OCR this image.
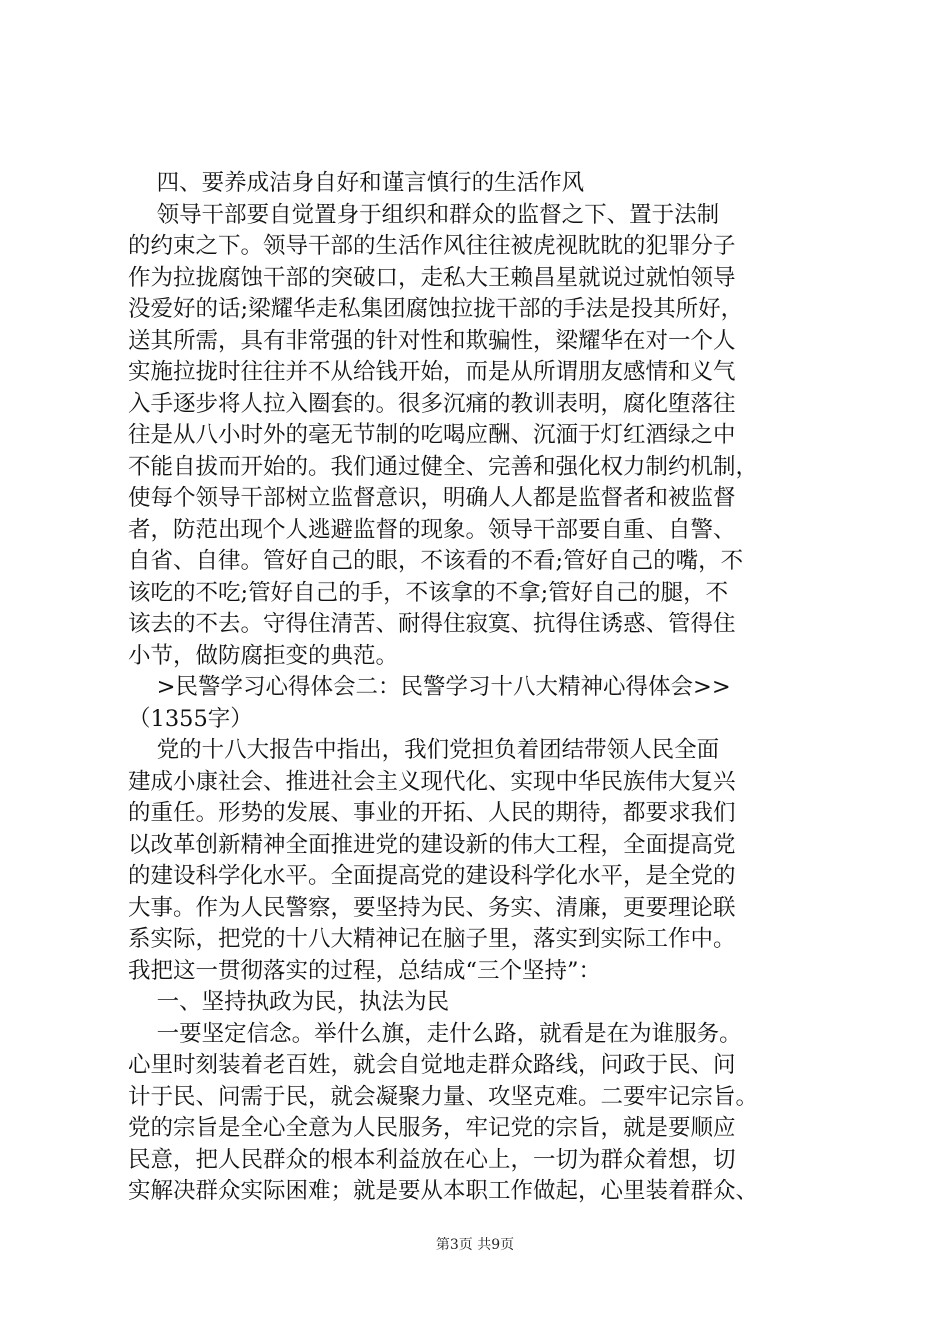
四、要养成洁身自好和谨言慎行的生活作风
领导干部要自觉置身于组织和群众的监督之下、置于法制
的约束之下。领导干部的生活作风往往被虎视眈眈的犯罪分子
作为拉拢腐蚀干部的突破口，走私大王赖昌星就说过就怕领导
没爱好的话;梁耀华走私集团腐蚀拉拢干部的手法是投其所好，
送其所需，具有非常强的针对性和欺骗性，梁耀华在对一个人
实施拉拢时往往并不从给钱开始，而是从所谓朋友感情和义气
入手逐步将人拉入圈套的。很多沉痛的教训表明，腐化堕落往
往是从八小时外的毫无节制的吃喝应酬、沉湎于灯红酒绿之中
不能自拔而开始的。我们通过健全、完善和强化权力制约机制，
使每个领导干部树立监督意识，明确人人都是监督者和被监督
者，防范出现个人逃避监督的现象。领导干部要自重、自警、
自省、自律。管好自己的眼，不该看的不看;管好自己的嘴，不
该吃的不吃;管好自己的手，不该拿的不拿;管好自己的腿，不
该去的不去。守得住清苦、耐得住寂寞、抗得住诱惑、管得住
小节，做防腐拒变的典范。
>民警学习心得体会二：民警学习十八大精神心得体会>>
（1355字）
党的十八大报告中指出，我们党担负着团结带领人民全面
建成小康社会、推进社会主义现代化、实现中华民族伟大复兴
的重任。形势的发展、事业的开拓、人民的期待，都要求我们
以改革创新精神全面推进党的建设新的伟大工程，全面提高党
的建设科学化水平。全面提高党的建设科学化水平，是全党的
大事。作为人民警察，要坚持为民、务实、清廉，更要理论联
系实际，把党的十八大精神记在脑子里，落实到实际工作中。
我把这一贯彻落实的过程，总结成“三个坚持”：
一、坚持执政为民，执法为民
一要坚定信念。举什么旗，走什么路，就看是在为谁服务。
心里时刻装着老百姓，就会自觉地走群众路线，问政于民、问
计于民、问需于民，就会凝聚力量、攻坚克难。二要牢记宗旨。
党的宗旨是全心全意为人民服务，牢记党的宗旨，就是要顺应
民意，把人民群众的根本利益放在心上，一切为群众着想，切
实解决群众实际困难；就是要从本职工作做起，心里装着群众、
第3页 共9页
